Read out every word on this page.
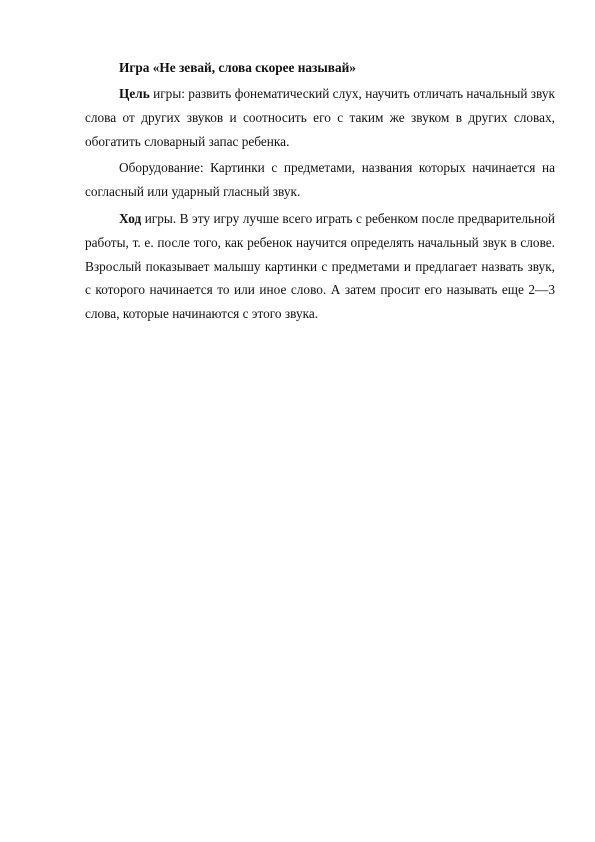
Игра «Не зевай, слова скорее называй»

Цель игры: развить фонематический слух, научить отличать начальный звук слова от других звуков и соотносить его с таким же звуком в других словах, обогатить словарный запас ребенка.

Оборудование: Картинки с предметами, названия которых начинается на согласный или ударный гласный звук.

Ход игры. В эту игру лучше всего играть с ребенком после предварительной работы, т. е. после того, как ребенок научится определять начальный звук в слове. Взрослый показывает малышу картинки с предметами и предлагает назвать звук, с которого начинается то или иное слово. А затем просит его называть еще 2—3 слова, которые начинаются с этого звука.
